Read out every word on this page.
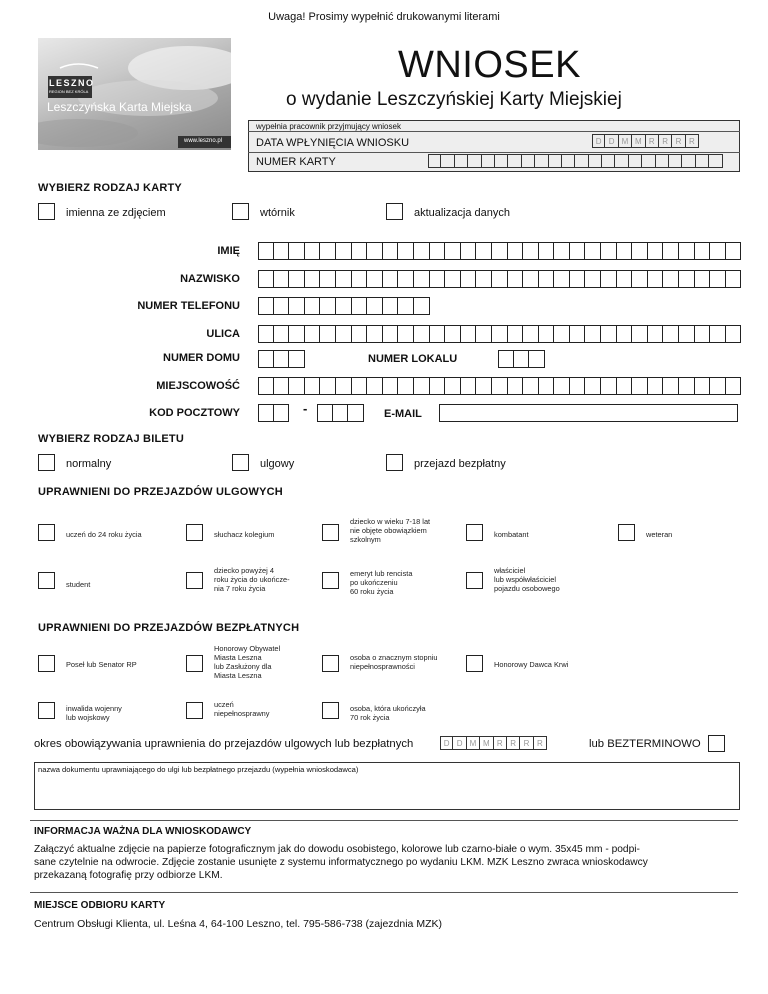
Uwaga! Prosimy wypełnić drukowanymi literami
LESZNO
REGION BEZ KRÓLA
Leszczyńska Karta Miejska
www.leszno.pl
WNIOSEK
o wydanie Leszczyńskiej Karty Miejskiej
wypełnia pracownik przyjmujący wniosek
DATA WPŁYNIĘCIA WNIOSKU	D D M M R R R R
NUMER KARTY
WYBIERZ RODZAJ KARTY
imienna ze zdjęciem	wtórnik	aktualizacja danych
IMIĘ
NAZWISKO
NUMER TELEFONU
ULICA
NUMER DOMU	NUMER LOKALU
MIEJSCOWOŚĆ
KOD POCZTOWY	-	E-MAIL
WYBIERZ RODZAJ BILETU
normalny	ulgowy	przejazd bezpłatny
UPRAWNIENI DO PRZEJAZDÓW ULGOWYCH
uczeń do 24 roku życia	słuchacz kolegium
dziecko w wieku 7-18 lat
nie objęte obowiązkiem
szkolnym
kombatant	weteran
student
dziecko powyżej 4
roku życia do ukończe-
nia 7 roku życia
emeryt lub rencista
po ukończeniu
60 roku życia
właściciel
lub współwłaściciel
pojazdu osobowego
UPRAWNIENI DO PRZEJAZDÓW BEZPŁATNYCH
Poseł lub Senator RP
Honorowy Obywatel
Miasta Leszna
lub Zasłużony dla
Miasta Leszna
osoba o znacznym stopniu
niepełnosprawności	Honorowy Dawca Krwi
inwalida wojenny
lub wojskowy
uczeń
niepełnosprawny
osoba, która ukończyła
70 rok życia
okres obowiązywania uprawnienia do przejazdów ulgowych lub bezpłatnych	D D M M R R R R	lub BEZTERMINOWO
nazwa dokumentu uprawniającego do ulgi lub bezpłatnego przejazdu (wypełnia wnioskodawca)
INFORMACJA WAŻNA DLA WNIOSKODAWCY
Załączyć aktualne zdjęcie na papierze fotograficznym jak do dowodu osobistego, kolorowe lub czarno-białe o wym. 35x45 mm - podpi-
sane czytelnie na odwrocie. Zdjęcie zostanie usunięte z systemu informatycznego po wydaniu LKM. MZK Leszno zwraca wnioskodawcy
przekazaną fotografię przy odbiorze LKM.
MIEJSCE ODBIORU KARTY
Centrum Obsługi Klienta, ul. Leśna 4, 64-100 Leszno, tel. 795-586-738 (zajezdnia MZK)
